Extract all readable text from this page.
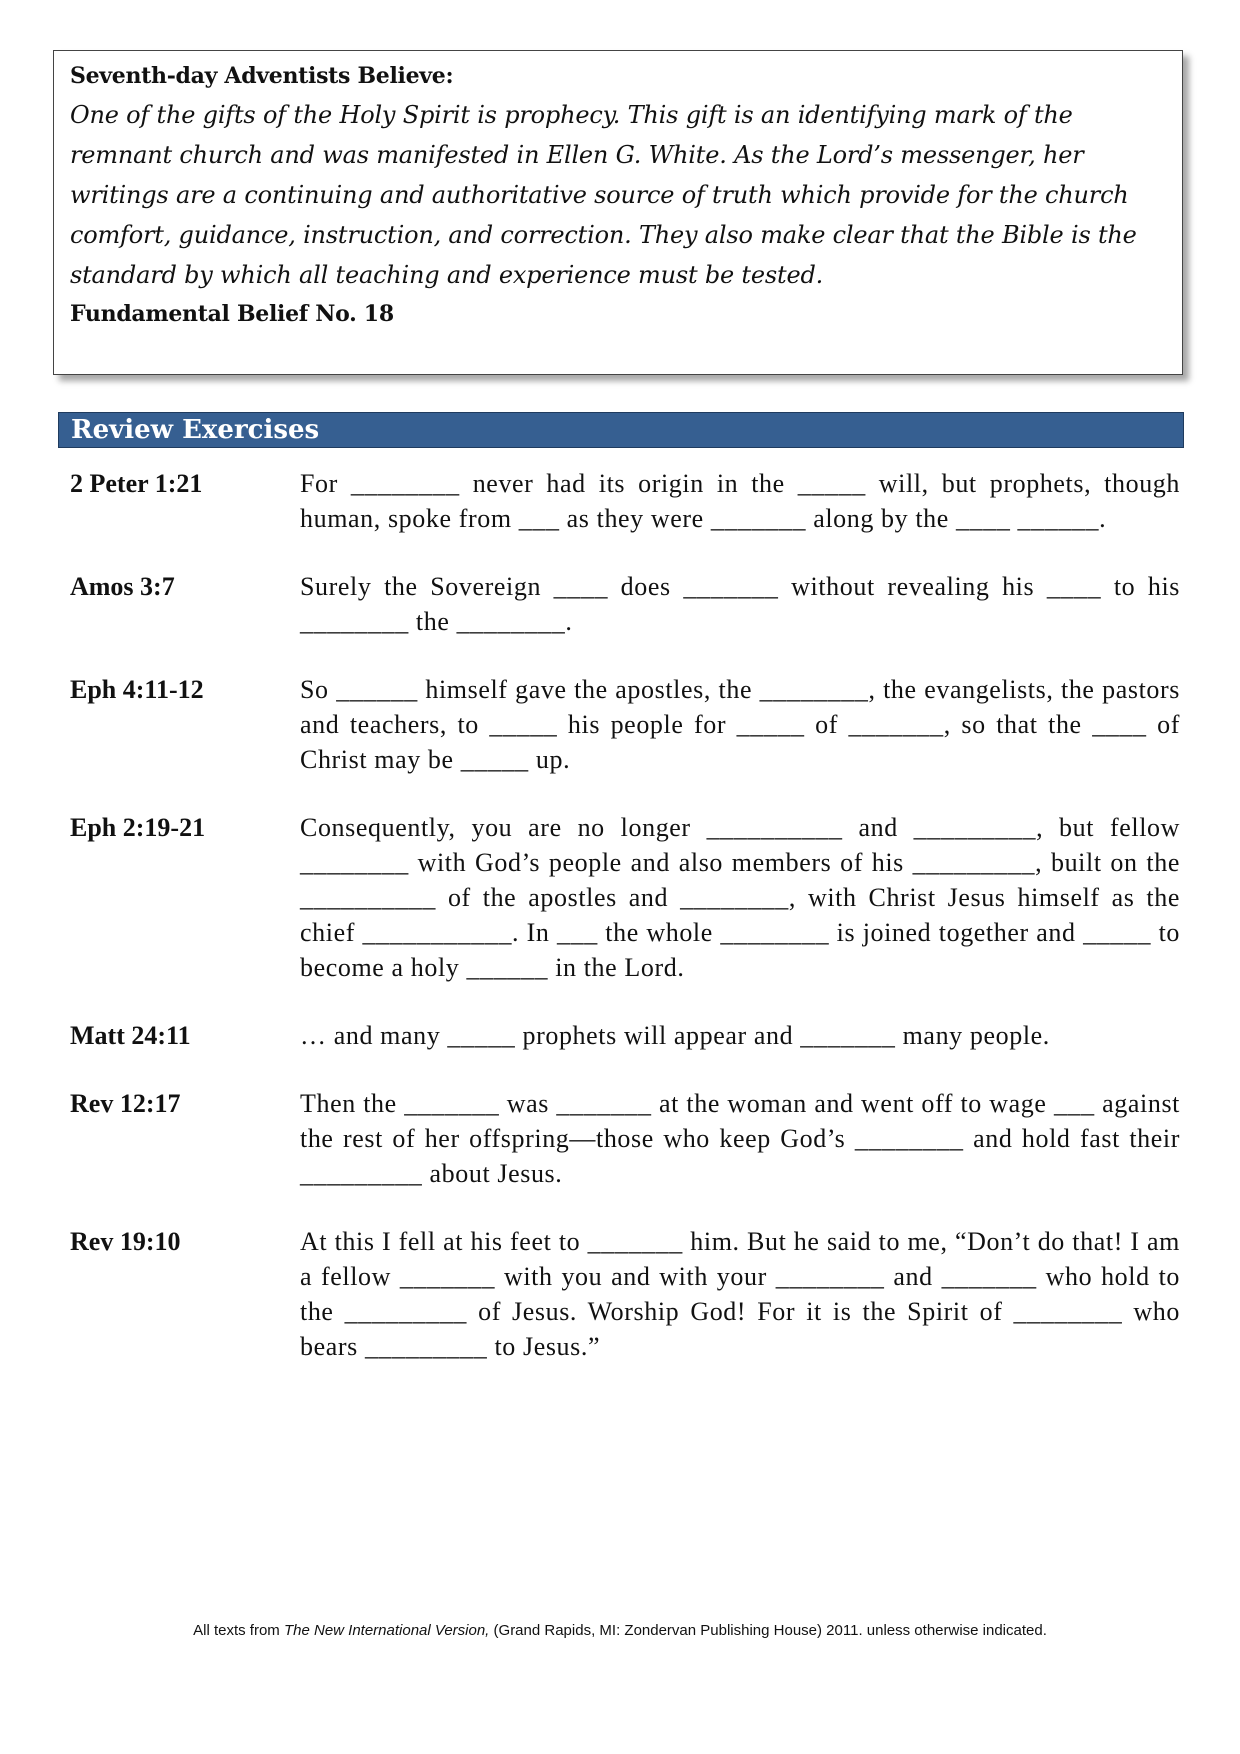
Seventh-day Adventists Believe:
One of the gifts of the Holy Spirit is prophecy. This gift is an identifying mark of the remnant church and was manifested in Ellen G. White. As the Lord’s messenger, her writings are a continuing and authoritative source of truth which provide for the church comfort, guidance, instruction, and correction. They also make clear that the Bible is the standard by which all teaching and experience must be tested.
Fundamental Belief No. 18
Review Exercises
2 Peter 1:21	For ________ never had its origin in the _____ will, but prophets, though human, spoke from ___ as they were _______ along by the ____ ______.
Amos 3:7	Surely the Sovereign ____ does _______ without revealing his ____ to his ________ the ________.
Eph 4:11-12	So ______ himself gave the apostles, the ________, the evangelists, the pastors and teachers, to _____ his people for _____ of _______, so that the ____ of Christ may be _____ up.
Eph 2:19-21	Consequently, you are no longer __________ and _________, but fellow ________ with God’s people and also members of his _________, built on the __________ of the apostles and ________, with Christ Jesus himself as the chief ___________. In ___ the whole ________ is joined together and _____ to become a holy ______ in the Lord.
Matt 24:11	… and many _____ prophets will appear and _______ many people.
Rev 12:17	Then the _______ was _______ at the woman and went off to wage ___ against the rest of her offspring—those who keep God’s ________ and hold fast their _________ about Jesus.
Rev 19:10	At this I fell at his feet to _______ him. But he said to me, “Don’t do that! I am a fellow _______ with you and with your ________ and _______ who hold to the _________ of Jesus. Worship God! For it is the Spirit of ________ who bears _________ to Jesus.”
All texts from The New International Version, (Grand Rapids, MI: Zondervan Publishing House) 2011. unless otherwise indicated.
